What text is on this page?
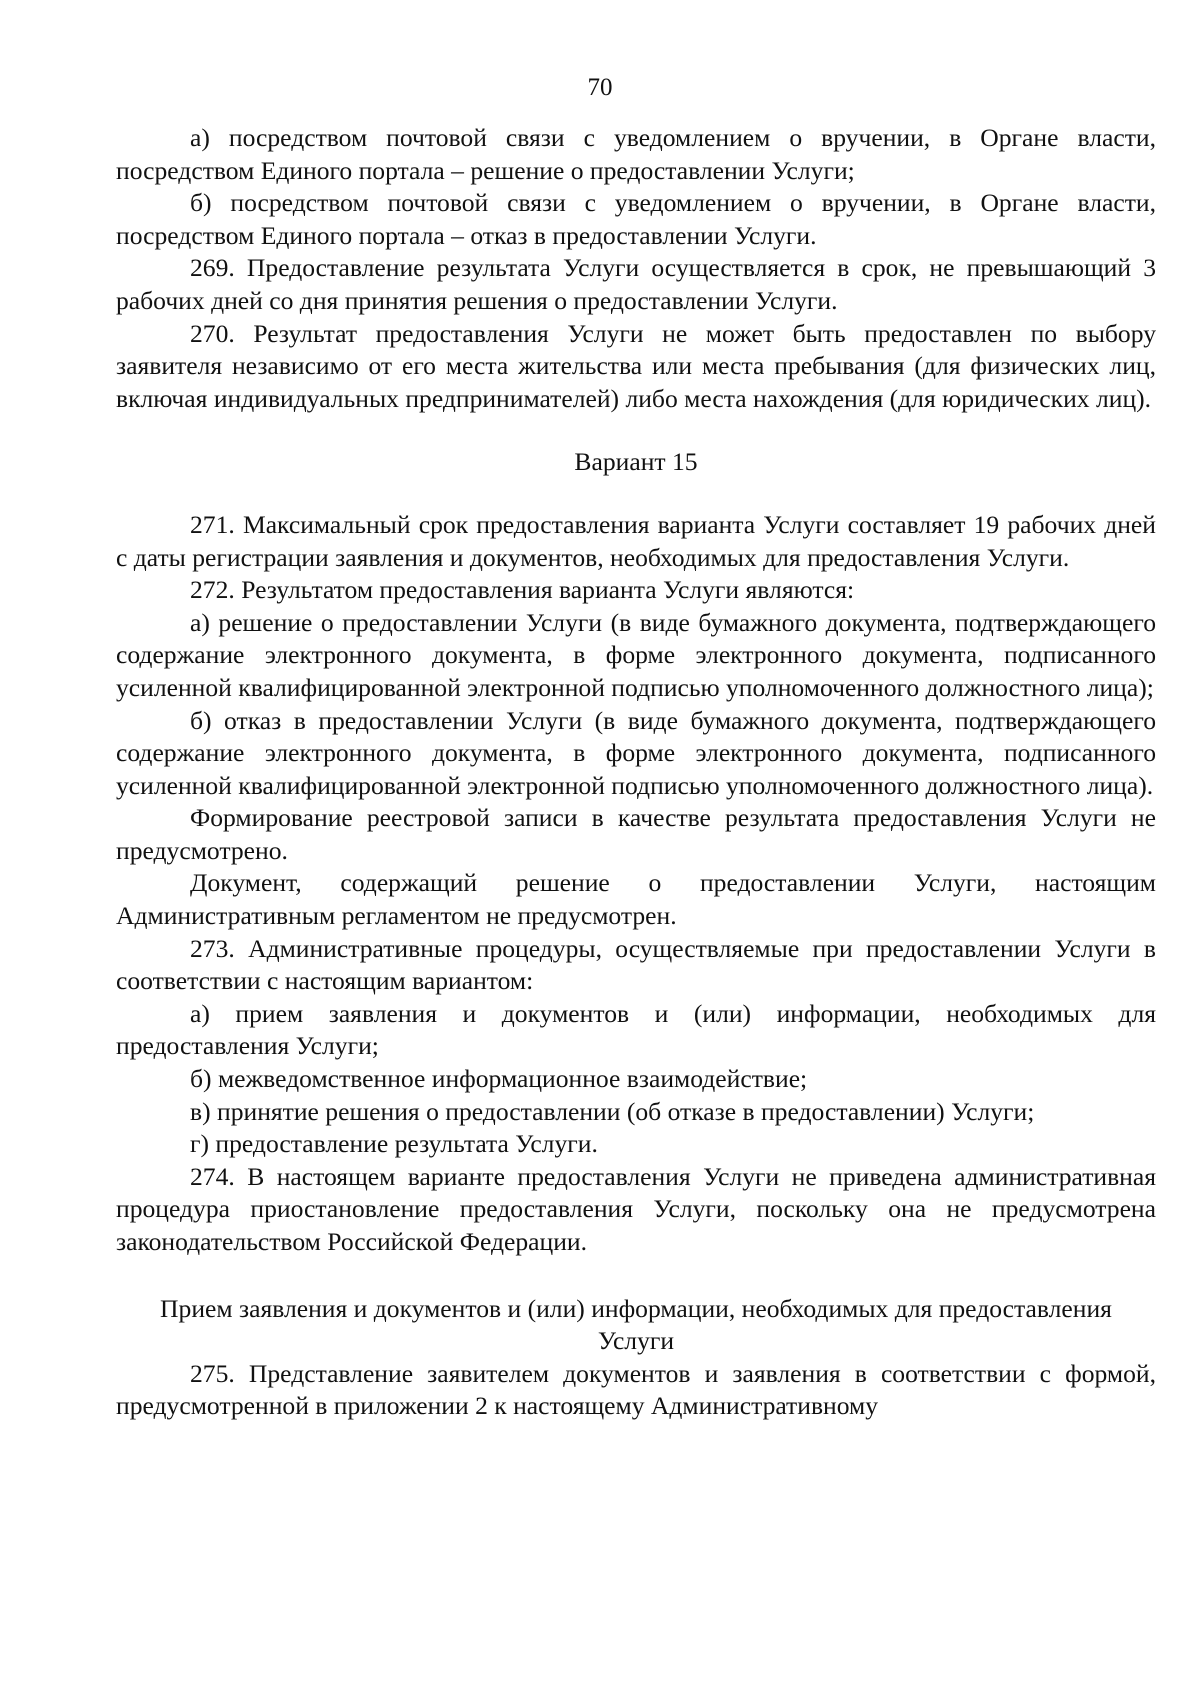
70

а) посредством почтовой связи с уведомлением о вручении, в Органе власти, посредством Единого портала – решение о предоставлении Услуги;

б) посредством почтовой связи с уведомлением о вручении, в Органе власти, посредством Единого портала – отказ в предоставлении Услуги.

269. Предоставление результата Услуги осуществляется в срок, не превышающий 3 рабочих дней со дня принятия решения о предоставлении Услуги.

270. Результат предоставления Услуги не может быть предоставлен по выбору заявителя независимо от его места жительства или места пребывания (для физических лиц, включая индивидуальных предпринимателей) либо места нахождения (для юридических лиц).

Вариант 15

271. Максимальный срок предоставления варианта Услуги составляет 19 рабочих дней с даты регистрации заявления и документов, необходимых для предоставления Услуги.

272. Результатом предоставления варианта Услуги являются:

а) решение о предоставлении Услуги (в виде бумажного документа, подтверждающего содержание электронного документа, в форме электронного документа, подписанного усиленной квалифицированной электронной подписью уполномоченного должностного лица);

б) отказ в предоставлении Услуги (в виде бумажного документа, подтверждающего содержание электронного документа, в форме электронного документа, подписанного усиленной квалифицированной электронной подписью уполномоченного должностного лица).

Формирование реестровой записи в качестве результата предоставления Услуги не предусмотрено.

Документ, содержащий решение о предоставлении Услуги, настоящим Административным регламентом не предусмотрен.

273. Административные процедуры, осуществляемые при предоставлении Услуги в соответствии с настоящим вариантом:

а) прием заявления и документов и (или) информации, необходимых для предоставления Услуги;

б) межведомственное информационное взаимодействие;

в) принятие решения о предоставлении (об отказе в предоставлении) Услуги;

г) предоставление результата Услуги.

274. В настоящем варианте предоставления Услуги не приведена административная процедура приостановление предоставления Услуги, поскольку она не предусмотрена законодательством Российской Федерации.

Прием заявления и документов и (или) информации, необходимых для предоставления Услуги

275. Представление заявителем документов и заявления в соответствии с формой, предусмотренной в приложении 2 к настоящему Административному
